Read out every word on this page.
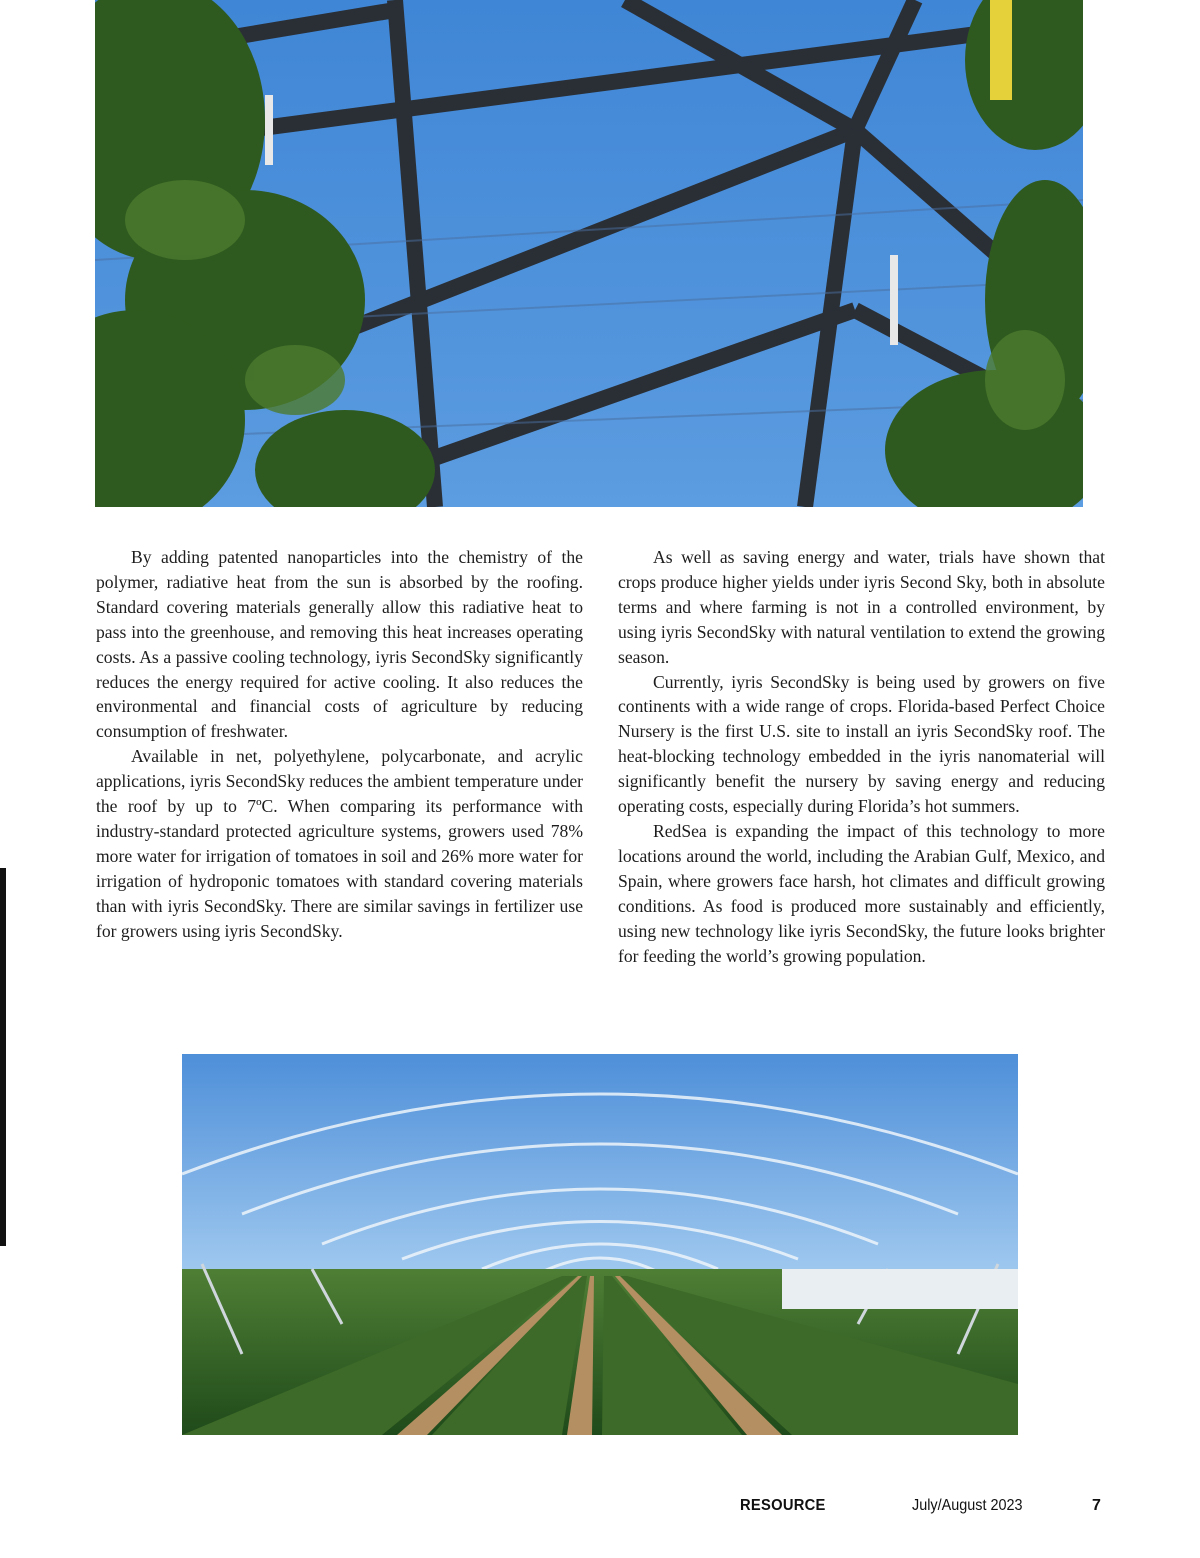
By adding patented nanoparticles into the chemistry of the polymer, radiative heat from the sun is absorbed by the roofing. Standard covering materials generally allow this radiative heat to pass into the greenhouse, and removing this heat increases operating costs. As a passive cooling technology, iyris SecondSky significantly reduces the energy required for active cooling. It also reduces the environmental and financial costs of agriculture by reducing consumption of freshwater.

Available in net, polyethylene, polycarbonate, and acrylic applications, iyris SecondSky reduces the ambient temperature under the roof by up to 7ºC. When comparing its performance with industry-standard protected agriculture systems, growers used 78% more water for irrigation of tomatoes in soil and 26% more water for irrigation of hydroponic tomatoes with standard covering materials than with iyris SecondSky. There are similar savings in fertilizer use for growers using iyris SecondSky.

As well as saving energy and water, trials have shown that crops produce higher yields under iyris Second Sky, both in absolute terms and where farming is not in a controlled environment, by using iyris SecondSky with natural ventilation to extend the growing season.

Currently, iyris SecondSky is being used by growers on five continents with a wide range of crops. Florida-based Perfect Choice Nursery is the first U.S. site to install an iyris SecondSky roof. The heat-blocking technology embedded in the iyris nanomaterial will significantly benefit the nursery by saving energy and reducing operating costs, especially during Florida’s hot summers.

RedSea is expanding the impact of this technology to more locations around the world, including the Arabian Gulf, Mexico, and Spain, where growers face harsh, hot climates and difficult growing conditions. As food is produced more sustainably and efficiently, using new technology like iyris SecondSky, the future looks brighter for feeding the world’s growing population.

RESOURCE	July/August 2023	7
